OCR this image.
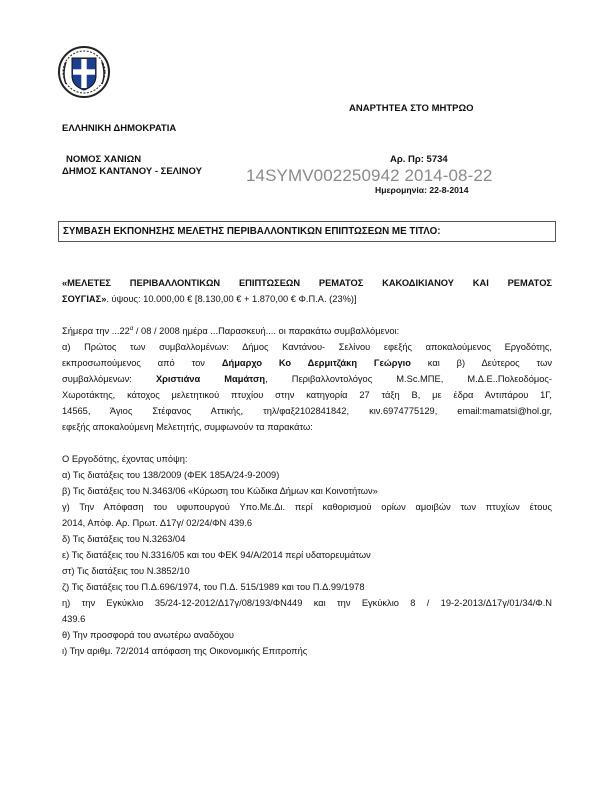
ΑΝΑΡΤΗΤΕΑ ΣΤΟ ΜΗΤΡΩΟ
ΕΛΛΗΝΙΚΗ ΔΗΜΟΚΡΑΤΙΑ
ΝΟΜΟΣ ΧΑΝΙΩΝ
ΔΗΜΟΣ ΚΑΝΤΑΝΟΥ - ΣΕΛΙΝΟΥ
Αρ. Πρ: 5734
14SYMV002250942 2014-08-22
Ημερομηνία: 22-8-2014
ΣΥΜΒΑΣΗ ΕΚΠΟΝΗΣΗΣ ΜΕΛΕΤΗΣ ΠΕΡΙΒΑΛΛΟΝΤΙΚΩΝ ΕΠΙΠΤΩΣΕΩΝ ΜΕ ΤΙΤΛΟ:

«ΜΕΛΕΤΕΣ ΠΕΡΙΒΑΛΛΟΝΤΙΚΩΝ ΕΠΙΠΤΩΣΕΩΝ ΡΕΜΑΤΟΣ ΚΑΚΟΔΙΚΙΑΝΟΥ ΚΑΙ ΡΕΜΑΤΟΣ

ΣΟΥΓΙΑΣ». ύψους: 10.000,00 € [8.130,00 € + 1.870,00 € Φ.Π.Α. (23%)]

Σήμερα την $...22^\alpha / 08 / 2008$ ημέρα ...Παρασκευή.... οι παρακάτω συμβαλλόμενοι:

α) Πρώτος των συμβαλλομένων: Δήμος Καντάνου- Σελίνου εφεξής αποκαλούμενος Εργοδότης,

εκπροσωπούμενος από τον Δήμαρχο Κο Δερμιτζάκη Γεώργιο και β) Δεύτερος των

συμβαλλόμενων: Χριστιάνα Μαμάτση, Περιβαλλοντολόγος M.Sc.ΜΠΕ, Μ.Δ.Ε..Πολεοδόμος-

Χωροτάκτης, κάτοχος μελετητικού πτυχίου στην κατηγορία 27 τάξη Β, με έδρα Αντιπάρου 1Γ,

14565, Άγιος Στέφανος Αττικής, τηλ/φαξ2102841842, κιν.6974775129, email:mamatsi@hol.gr,

εφεξής αποκαλούμενη Μελετητής, συμφωνούν τα παρακάτω:

Ο Εργοδότης, έχοντας υπόψη:

α) Τις διατάξεις του 138/2009 (ΦΕΚ 185Α/24-9-2009)

β) Τις διατάξεις του Ν.3463/06 «Κύρωση του Κώδικα Δήμων και Κοινοτήτων»

γ) Την Απόφαση του υφυπουργού Υπο.Με.Δι. περί καθορισμού ορίων αμοιβών των πτυχίων έτους

2014, Απόφ. Αρ. Πρωτ. Δ17γ/ 02/24/ΦΝ 439.6

δ) Τις διατάξεις του Ν.3263/04

ε) Τις διατάξεις του Ν.3316/05 και του ΦΕΚ 94/Α/2014 περί υδατορευμάτων

στ) Τις διατάξεις του Ν.3852/10

ζ) Τις διατάξεις του Π.Δ.696/1974, του Π.Δ. 515/1989 και του Π.Δ.99/1978

η) την Εγκύκλιο 35/24-12-2012/Δ17γ/08/193/ΦΝ449 και την Εγκύκλιο 8 / 19-2-2013/Δ17γ/01/34/Φ.Ν

439.6

θ) Την προσφορά του ανωτέρω αναδόχου

ι) Την αριθμ. 72/2014 απόφαση της Οικονομικής Επιτροπής
